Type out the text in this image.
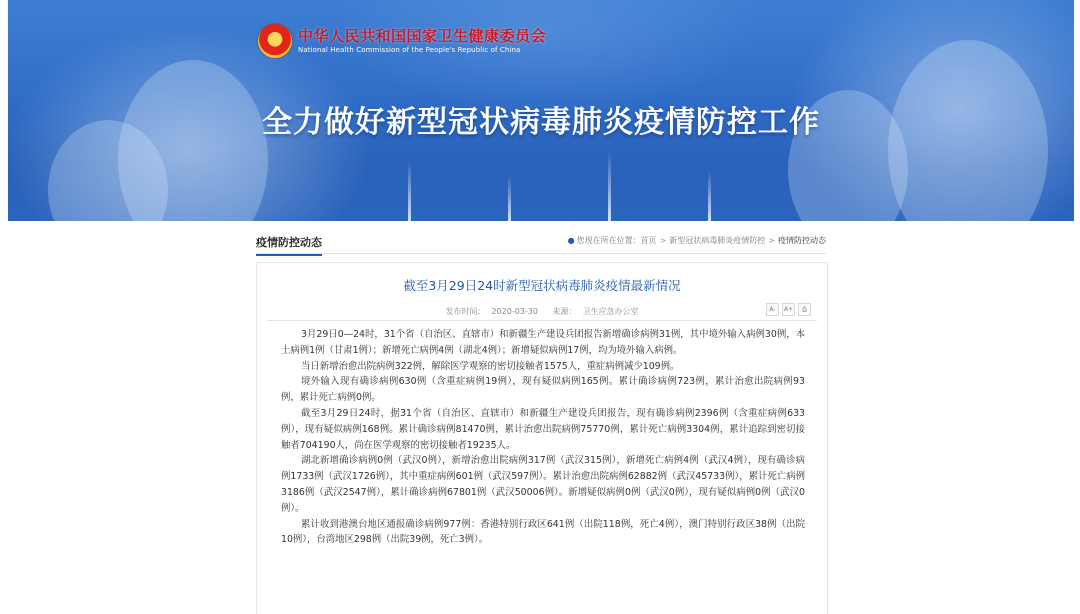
★
中华人民共和国国家卫生健康委员会
National Health Commission of the People's Republic of China
全力做好新型冠状病毒肺炎疫情防控工作
疫情防控动态	● 您现在所在位置：首页 > 新型冠状病毒肺炎疫情防控 > 疫情防控动态
截至3月29日24时新型冠状病毒肺炎疫情最新情况
发布时间： 2020-03-30 来源： 卫生应急办公室	A-	A+	⎙

3月29日0—24时，31个省（自治区、直辖市）和新疆生产建设兵团报告新增确诊病例31例，其中境外输入病例30例，本土病例1例（甘肃1例）；新增死亡病例4例（湖北4例）；新增疑似病例17例，均为境外输入病例。

当日新增治愈出院病例322例，解除医学观察的密切接触者1575人，重症病例减少109例。

境外输入现有确诊病例630例（含重症病例19例），现有疑似病例165例。累计确诊病例723例，累计治愈出院病例93例，累计死亡病例0例。

截至3月29日24时，据31个省（自治区、直辖市）和新疆生产建设兵团报告，现有确诊病例2396例（含重症病例633例），现有疑似病例168例。累计确诊病例81470例，累计治愈出院病例75770例，累计死亡病例3304例，累计追踪到密切接触者704190人，尚在医学观察的密切接触者19235人。

湖北新增确诊病例0例（武汉0例），新增治愈出院病例317例（武汉315例），新增死亡病例4例（武汉4例），现有确诊病例1733例（武汉1726例），其中重症病例601例（武汉597例）。累计治愈出院病例62882例（武汉45733例），累计死亡病例3186例（武汉2547例），累计确诊病例67801例（武汉50006例）。新增疑似病例0例（武汉0例），现有疑似病例0例（武汉0例）。

累计收到港澳台地区通报确诊病例977例：香港特别行政区641例（出院118例，死亡4例），澳门特别行政区38例（出院10例），台湾地区298例（出院39例，死亡3例）。
